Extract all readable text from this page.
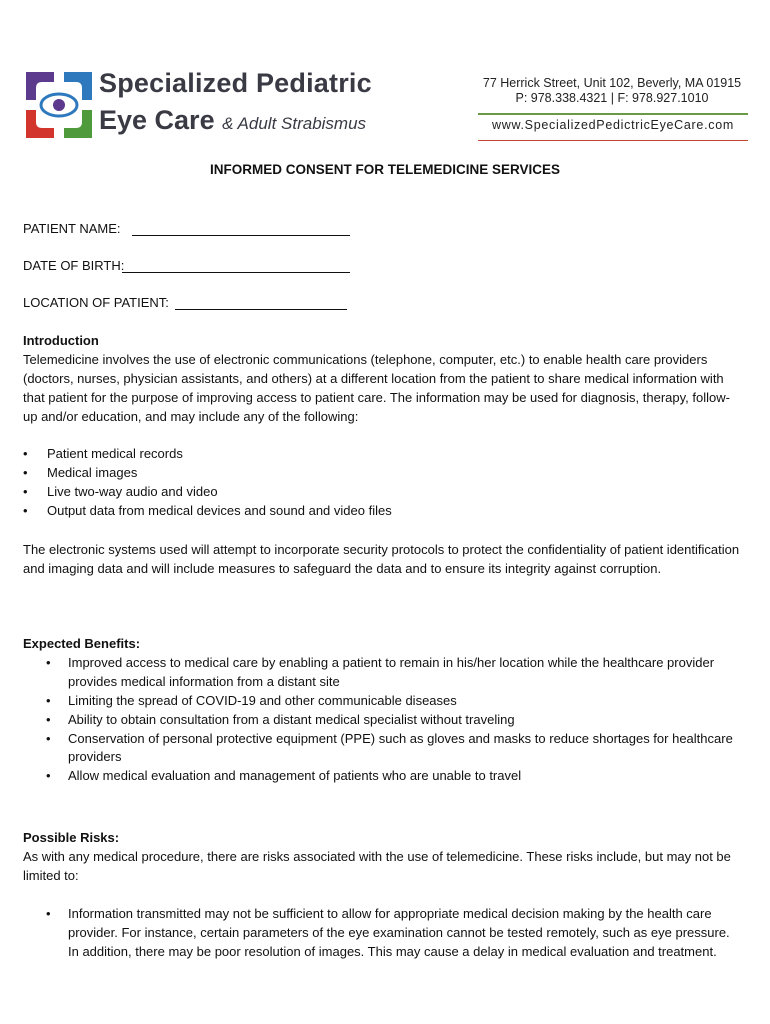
Specialized Pediatric
Eye Care & Adult Strabismus
77 Herrick Street, Unit 102, Beverly, MA 01915
P: 978.338.4321 | F: 978.927.1010
www.SpecializedPedictricEyeCare.com
INFORMED CONSENT FOR TELEMEDICINE SERVICES
PATIENT NAME:
DATE OF BIRTH:
LOCATION OF PATIENT:

Introduction

Telemedicine involves the use of electronic communications (telephone, computer, etc.) to enable health care providers (doctors, nurses, physician assistants, and others) at a different location from the patient to share medical information with that patient for the purpose of improving access to patient care. The information may be used for diagnosis, therapy, follow-up and/or education, and may include any of the following:

• Patient medical records
• Medical images
• Live two-way audio and video
• Output data from medical devices and sound and video files

The electronic systems used will attempt to incorporate security protocols to protect the confidentiality of patient identification and imaging data and will include measures to safeguard the data and to ensure its integrity against corruption.

Expected Benefits:

• Improved access to medical care by enabling a patient to remain in his/her location while the healthcare provider provides medical information from a distant site
• Limiting the spread of COVID-19 and other communicable diseases
• Ability to obtain consultation from a distant medical specialist without traveling
• Conservation of personal protective equipment (PPE) such as gloves and masks to reduce shortages for healthcare providers
• Allow medical evaluation and management of patients who are unable to travel

Possible Risks:

As with any medical procedure, there are risks associated with the use of telemedicine. These risks include, but may not be limited to:

• Information transmitted may not be sufficient to allow for appropriate medical decision making by the health care provider. For instance, certain parameters of the eye examination cannot be tested remotely, such as eye pressure. In addition, there may be poor resolution of images. This may cause a delay in medical evaluation and treatment.
